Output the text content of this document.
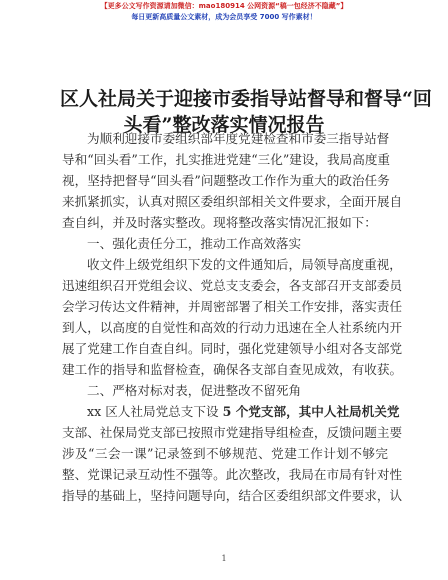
【更多公文写作资源请加微信：mao180914 公网资源“稿一包经济不隐藏”】
每日更新高质量公文素材，成为会员享受 7000 写作素材！
区人社局关于迎接市委指导站督导和督导“回
头看”整改落实情况报告
为顺利迎接市委组织部年度党建检查和市委三指导站督
导和“回头看”工作，扎实推进党建“三化”建设，我局高度重
视，坚持把督导“回头看”问题整改工作作为重大的政治任务
来抓紧抓实，认真对照区委组织部相关文件要求，全面开展自
查自纠，并及时落实整改。现将整改落实情况汇报如下：
一、强化责任分工，推动工作高效落实
收文件上级党组织下发的文件通知后，局领导高度重视，
迅速组织召开党组会议、党总支支委会，各支部召开支部委员
会学习传达文件精神，并周密部署了相关工作安排，落实责任
到人，以高度的自觉性和高效的行动力迅速在全人社系统内开
展了党建工作自查自纠。同时，强化党建领导小组对各支部党
建工作的指导和监督检查，确保各支部自查见成效，有收获。
二、严格对标对表，促进整改不留死角
xx 区人社局党总支下设 5 个党支部，其中人社局机关党
支部、社保局党支部已按照市党建指导组检查，反馈问题主要
涉及“三会一课”记录签到不够规范、党建工作计划不够完
整、党课记录互动性不强等。此次整改，我局在市局有针对性
指导的基础上，坚持问题导向，结合区委组织部文件要求，认
1
